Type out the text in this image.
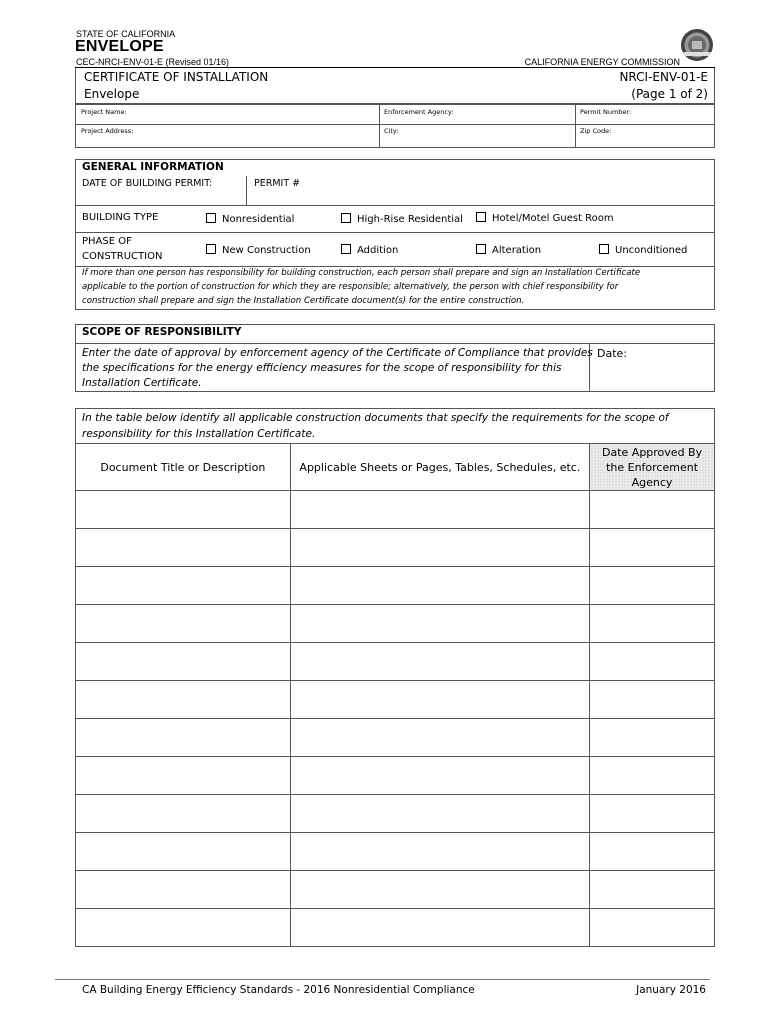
STATE OF CALIFORNIA
ENVELOPE
CEC-NRCI-ENV-01-E (Revised 01/16)	CALIFORNIA ENERGY COMMISSION
CERTIFICATE OF INSTALLATION
Envelope
NRCI-ENV-01-E
(Page 1 of 2)
Project Name:	Enforcement Agency:	Permit Number:
Project Address:	City:	Zip Code:
GENERAL INFORMATION
DATE OF BUILDING PERMIT:	PERMIT #
BUILDING TYPE	Nonresidential	High-Rise Residential	Hotel/Motel Guest Room
PHASE OF
CONSTRUCTION
New Construction	Addition	Alteration	Unconditioned
If more than one person has responsibility for building construction, each person shall prepare and sign an Installation Certificate
applicable to the portion of construction for which they are responsible; alternatively, the person with chief responsibility for
construction shall prepare and sign the Installation Certificate document(s) for the entire construction.
SCOPE OF RESPONSIBILITY
Enter the date of approval by enforcement agency of the Certificate of Compliance that provides
the specifications for the energy efficiency measures for the scope of responsibility for this
Installation Certificate.
Date:
In the table below identify all applicable construction documents that specify the requirements for the scope of
responsibility for this Installation Certificate.
Document Title or Description	Applicable Sheets or Pages, Tables, Schedules, etc.	Date Approved By
the Enforcement
Agency

CA Building Energy Efficiency Standards - 2016 Nonresidential Compliance	January 2016
